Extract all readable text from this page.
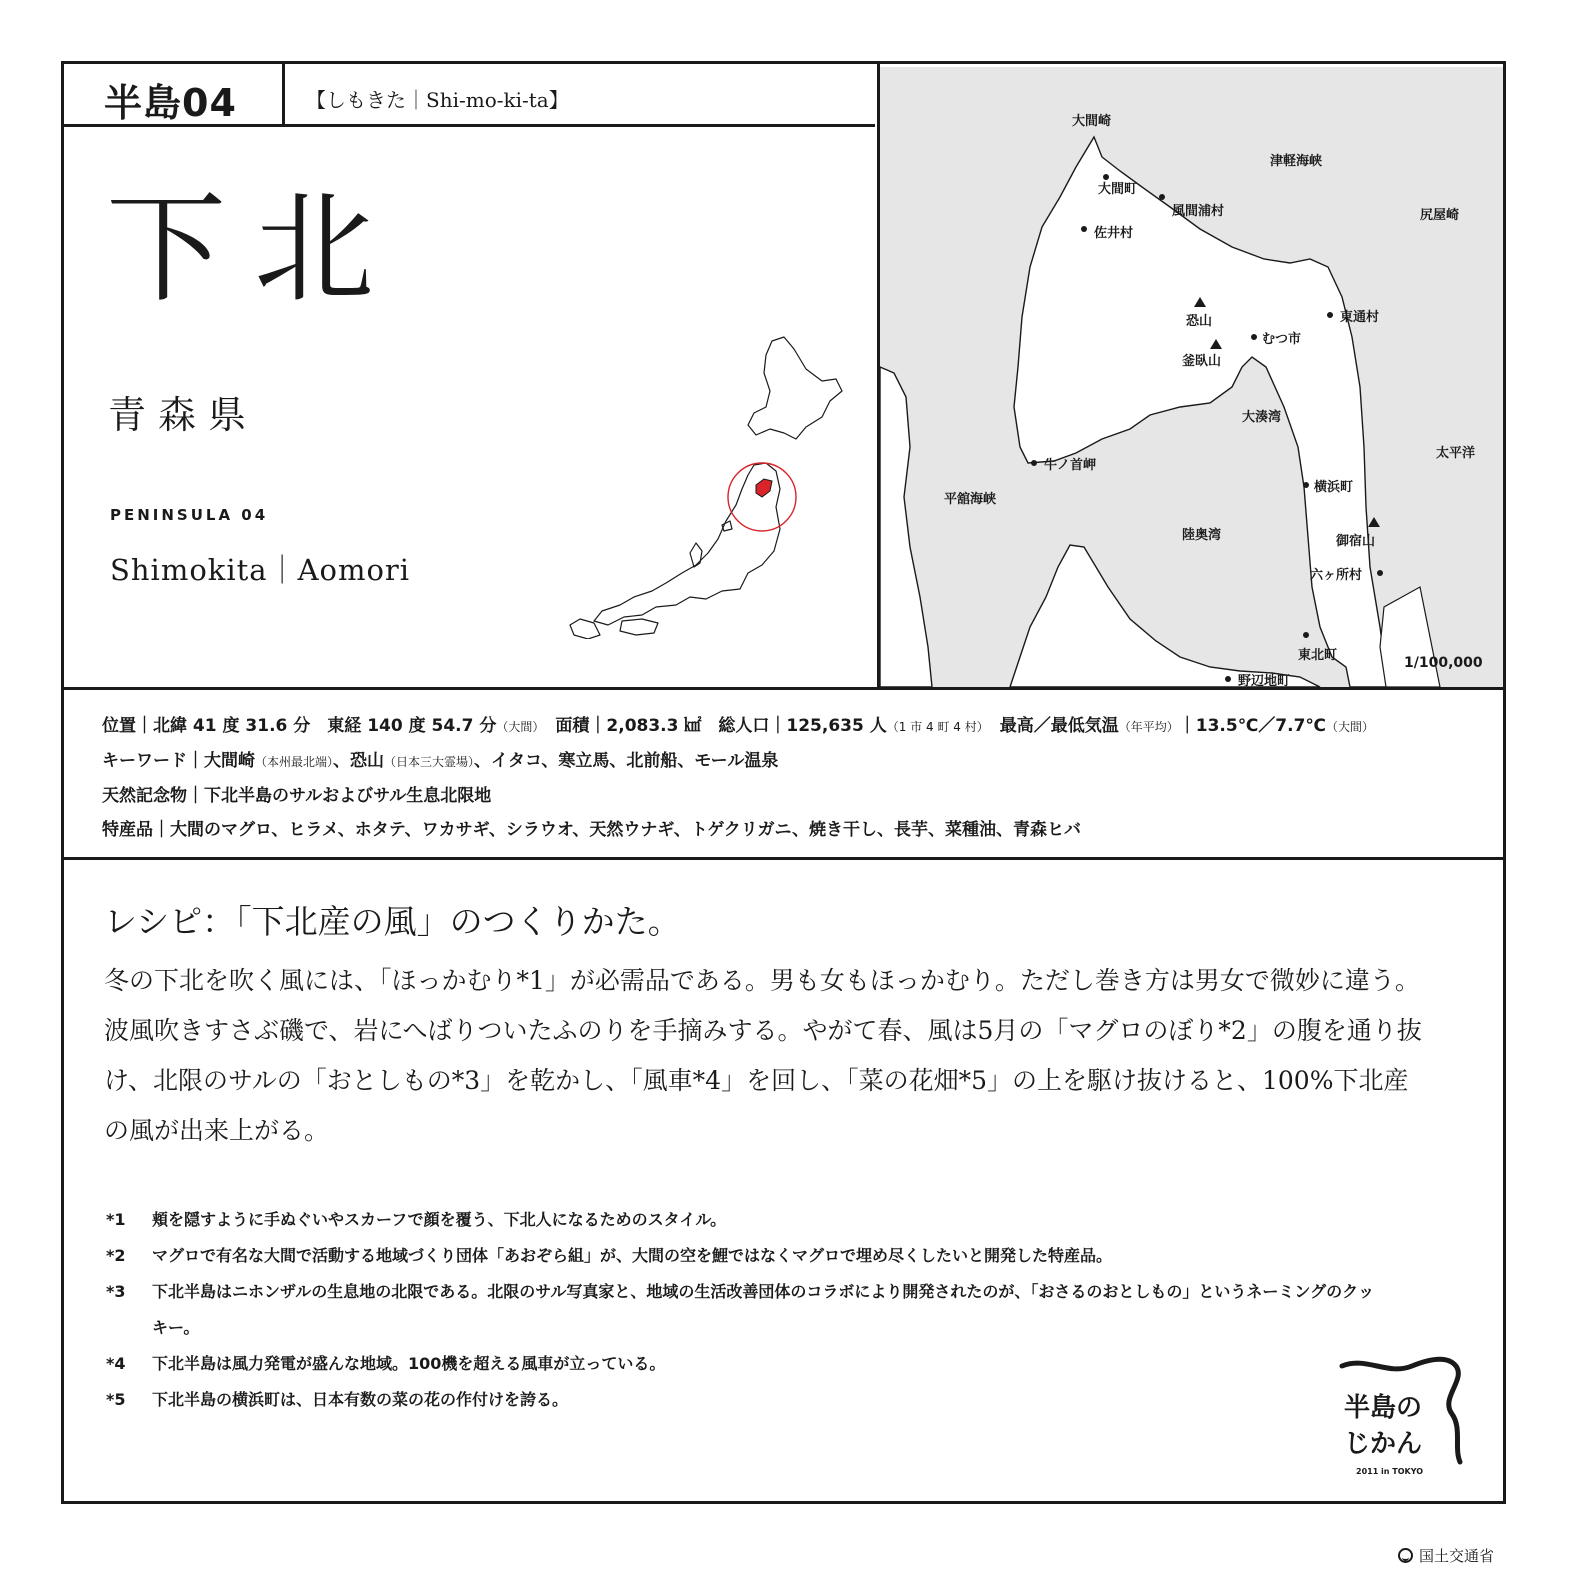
半島04	【しもきた｜Shi-mo-ki-ta】
下北
青森県
PENINSULA 04
Shimokita｜Aomori
大間崎
津軽海峡
大間町
風間浦村
佐井村
尻屋崎
恐山	東通村
むつ市
釜臥山
大湊湾
太平洋
牛ノ首岬
平舘海峡
横浜町
陸奥湾	御宿山
六ヶ所村
東北町
野辺地町
1/100,000
位置｜北緯 41 度 31.6 分　 東経 140 度 54.7 分（大間）　 面積｜2,083.3 ㎢　 総人口｜125,635 人（1 市 4 町 4 村）　 最高／最低気温（年平均）｜13.5℃／7.7℃（大間）
キーワード｜大間崎（本州最北端）、恐山（日本三大霊場）、イタコ、寒立馬、北前船、モール温泉
天然記念物｜下北半島のサルおよびサル生息北限地
特産品｜大間のマグロ、ヒラメ、ホタテ、ワカサギ、シラウオ、天然ウナギ、トゲクリガニ、焼き干し、長芋、菜種油、青森ヒバ
レシピ：「下北産の風」のつくりかた。
冬の下北を吹く風には、「ほっかむり*1」が必需品である。男も女もほっかむり。ただし巻き方は男女で微妙に違う。波風吹きすさぶ磯で、岩にへばりついたふのりを手摘みする。やがて春、風は5月の「マグロのぼり*2」の腹を通り抜け、北限のサルの「おとしもの*3」を乾かし、「風車*4」を回し、「菜の花畑*5」の上を駆け抜けると、100%下北産の風が出来上がる。
*1	頬を隠すように手ぬぐいやスカーフで顔を覆う、下北人になるためのスタイル。
*2	マグロで有名な大間で活動する地域づくり団体「あおぞら組」が、大間の空を鯉ではなくマグロで埋め尽くしたいと開発した特産品。
*3	下北半島はニホンザルの生息地の北限である。北限のサル写真家と、地域の生活改善団体のコラボにより開発されたのが、「おさるのおとしもの」というネーミングのクッキー。
*4	下北半島は風力発電が盛んな地域。100機を超える風車が立っている。
*5	下北半島の横浜町は、日本有数の菜の花の作付けを誇る。	半島の
じかん
2011 in TOKYO
国土交通省
